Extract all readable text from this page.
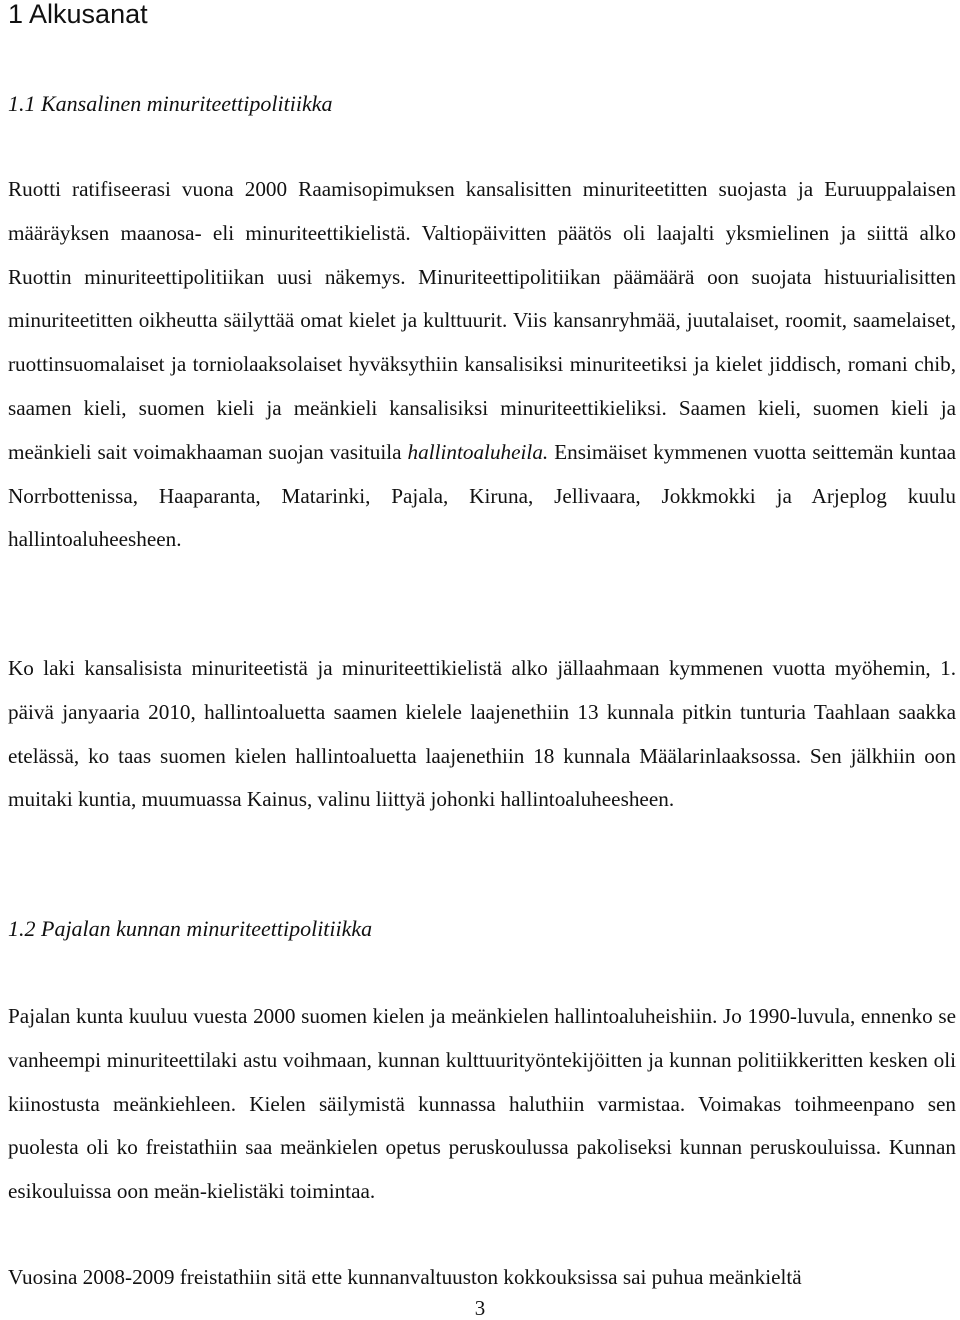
1 Alkusanat
1.1 Kansalinen minuriteettipolitiikka

Ruotti ratifiseerasi vuona 2000 Raamisopimuksen kansalisitten minuriteetitten suojasta ja Euruuppalaisen määräyksen maanosa- eli minuriteettikielistä. Valtiopäivitten päätös oli laajalti yksmielinen ja siittä alko Ruottin minuriteettipolitiikan uusi näkemys. Minuriteettipolitiikan päämäärä oon suojata histuurialisitten minuriteetitten oikheutta säilyttää omat kielet ja kulttuurit. Viis kansanryhmää, juutalaiset, roomit, saamelaiset, ruottinsuomalaiset ja torniolaaksolaiset hyväksythiin kansalisiksi minuriteetiksi ja kielet jiddisch, romani chib, saamen kieli, suomen kieli ja meänkieli kansalisiksi minuriteettikieliksi. Saamen kieli, suomen kieli ja meänkieli sait voimakhaaman suojan vasituila hallintoaluheila. Ensimäiset kymmenen vuotta seittemän kuntaa Norrbottenissa, Haaparanta, Matarinki, Pajala, Kiruna, Jellivaara, Jokkmokki ja Arjeplog kuulu hallintoaluheesheen.

Ko laki kansalisista minuriteetistä ja minuriteettikielistä alko jällaahmaan kymmenen vuotta myöhemin, 1. päivä janyaaria 2010, hallintoaluetta saamen kielele laajenethiin 13 kunnala pitkin tunturia Taahlaan saakka etelässä, ko taas suomen kielen hallintoaluetta laajenethiin 18 kunnala Määlarinlaaksossa. Sen jälkhiin oon muitaki kuntia, muumuassa Kainus, valinu liittyä johonki hallintoaluheesheen.

1.2 Pajalan kunnan minuriteettipolitiikka

Pajalan kunta kuuluu vuesta 2000 suomen kielen ja meänkielen hallintoaluheishiin. Jo 1990-luvula, ennenko se vanheempi minuriteettilaki astu voihmaan, kunnan kulttuurityöntekijöitten ja kunnan politiikkeritten kesken oli kiinostusta meänkiehleen. Kielen säilymistä kunnassa haluthiin varmistaa. Voimakas toihmeenpano sen puolesta oli ko freistathiin saa meänkielen opetus peruskoulussa pakoliseksi kunnan peruskouluissa. Kunnan esikouluissa oon meän-kielistäki toimintaa.

Vuosina 2008-2009 freistathiin sitä ette kunnanvaltuuston kokkouksissa sai puhua meänkieltä

3
